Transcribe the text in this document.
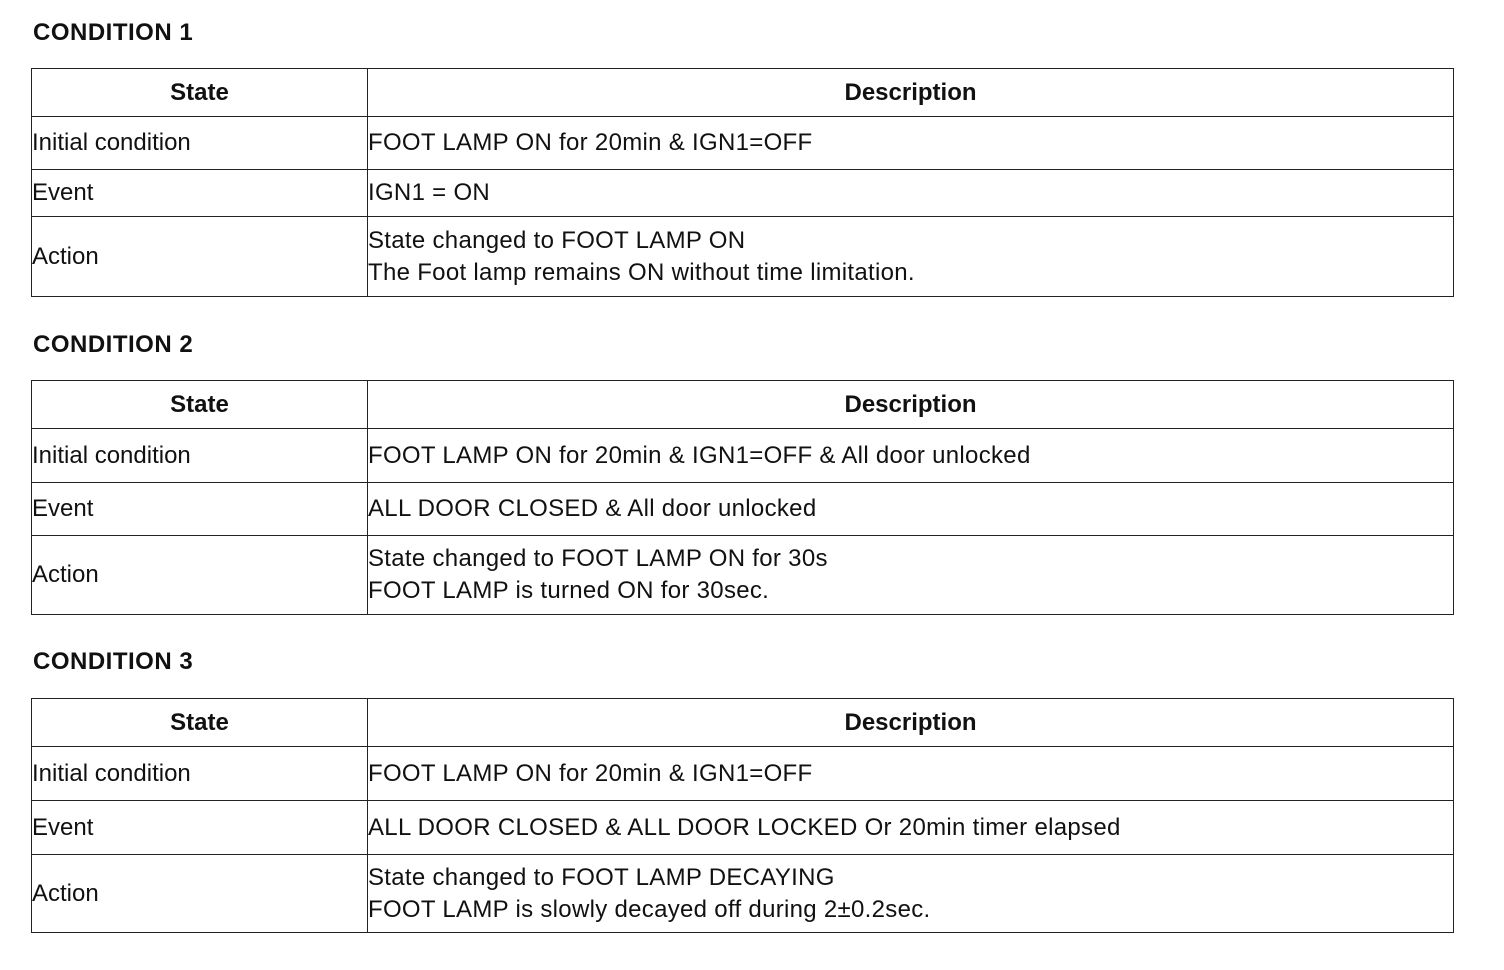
CONDITION 1
State	Description
Initial condition	FOOT LAMP ON for 20min & IGN1=OFF

Event	IGN1 = ON

Action	State changed to FOOT LAMP ON
The Foot lamp remains ON without time limitation.
CONDITION 2
State	Description
Initial condition	FOOT LAMP ON for 20min & IGN1=OFF & All door unlocked

Event	ALL DOOR CLOSED & All door unlocked

Action	State changed to FOOT LAMP ON for 30s
FOOT LAMP is turned ON for 30sec.
CONDITION 3
State	Description
Initial condition	FOOT LAMP ON for 20min & IGN1=OFF

Event	ALL DOOR CLOSED & ALL DOOR LOCKED Or 20min timer elapsed

Action	State changed to FOOT LAMP DECAYING
FOOT LAMP is slowly decayed off during 2±0.2sec.
